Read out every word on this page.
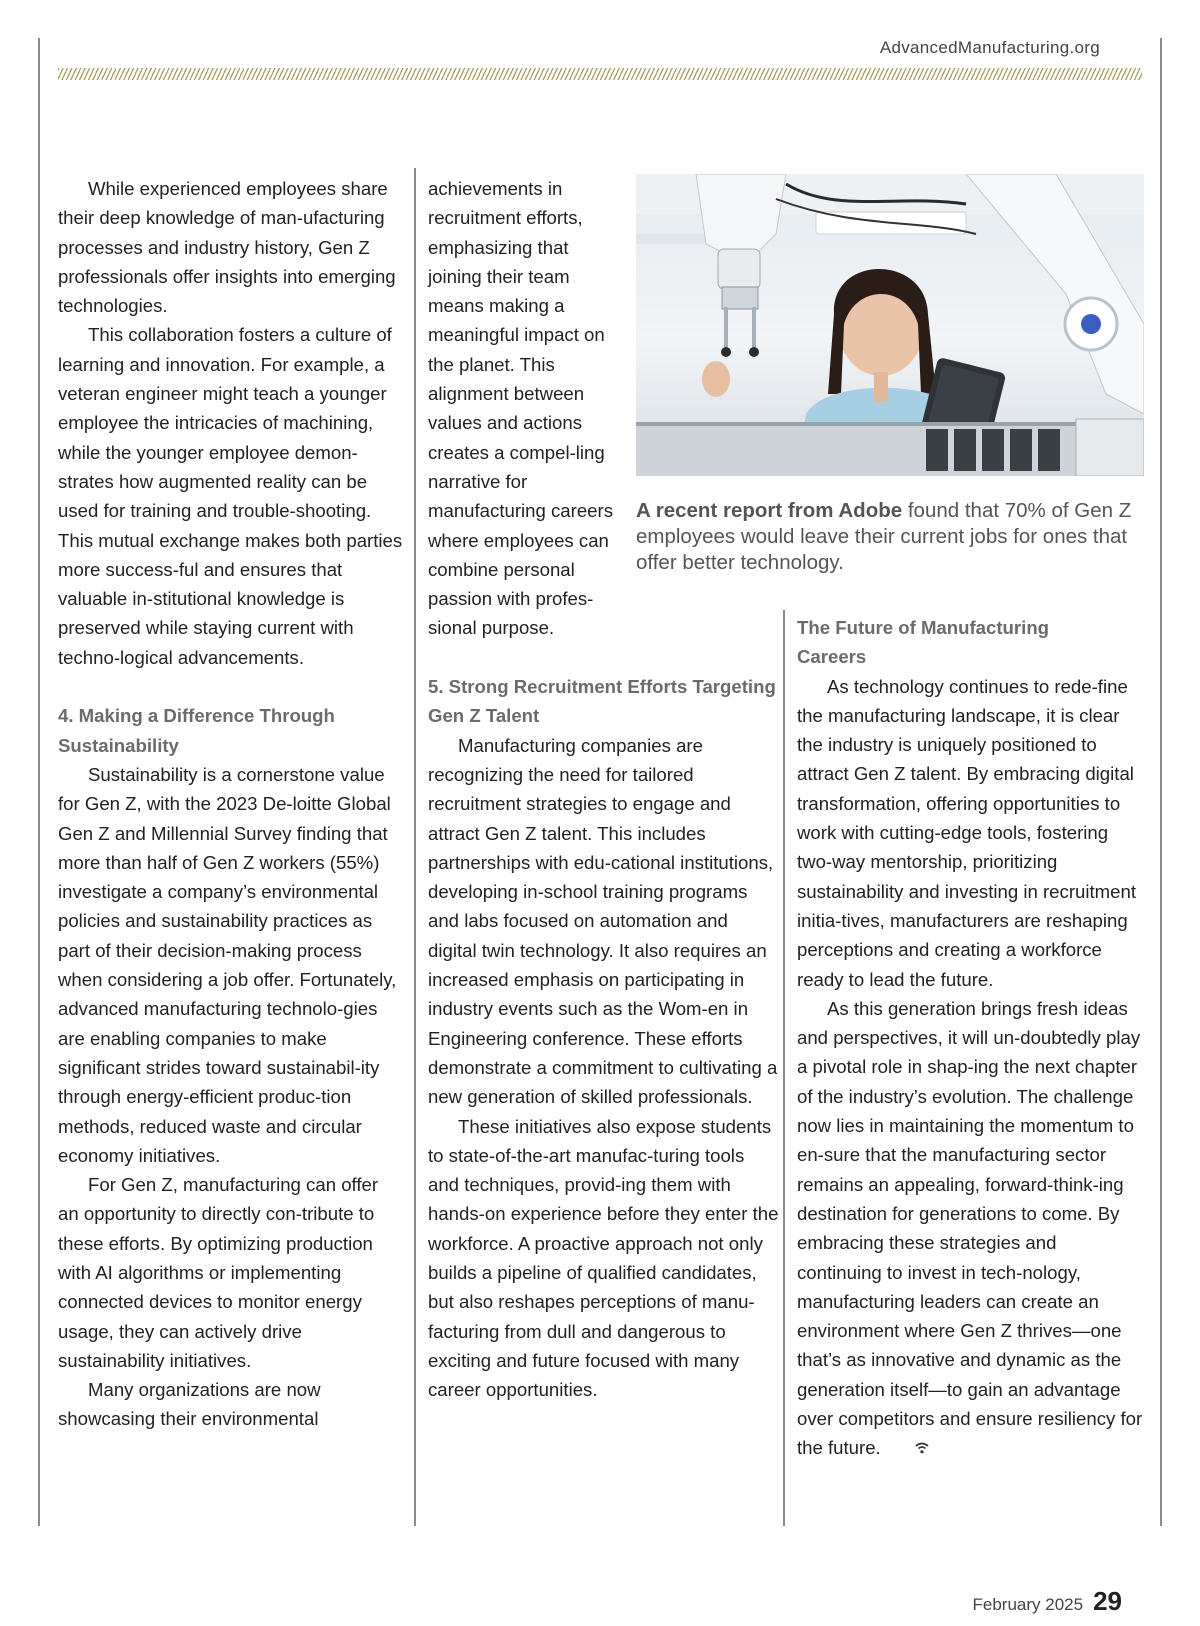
AdvancedManufacturing.org

While experienced employees share their deep knowledge of man-ufacturing processes and industry history, Gen Z professionals offer insights into emerging technologies.

This collaboration fosters a culture of learning and innovation. For example, a veteran engineer might teach a younger employee the intricacies of machining, while the younger employee demon-strates how augmented reality can be used for training and trouble-shooting. This mutual exchange makes both parties more success-ful and ensures that valuable in-stitutional knowledge is preserved while staying current with techno-logical advancements.

4. Making a Difference Through Sustainability

Sustainability is a cornerstone value for Gen Z, with the 2023 De-loitte Global Gen Z and Millennial Survey finding that more than half of Gen Z workers (55%) investigate a company’s environmental policies and sustainability practices as part of their decision-making process when considering a job offer. Fortunately, advanced manufacturing technolo-gies are enabling companies to make significant strides toward sustainabil-ity through energy-efficient produc-tion methods, reduced waste and circular economy initiatives.

For Gen Z, manufacturing can offer an opportunity to directly con-tribute to these efforts. By optimizing production with AI algorithms or implementing connected devices to monitor energy usage, they can actively drive sustainability initiatives.

Many organizations are now showcasing their environmental

achievements in recruitment efforts, emphasizing that joining their team means making a meaningful impact on the planet. This alignment between values and actions creates a compel-ling narrative for manufacturing careers where employees can combine personal passion with profes-sional purpose.

5. Strong Recruitment Efforts Targeting Gen Z Talent

Manufacturing companies are recognizing the need for tailored recruitment strategies to engage and attract Gen Z talent. This includes partnerships with edu-cational institutions, developing in-school training programs and labs focused on automation and digital twin technology. It also requires an increased emphasis on participating in industry events such as the Wom-en in Engineering conference. These efforts demonstrate a commitment to cultivating a new generation of skilled professionals.

These initiatives also expose students to state-of-the-art manufac-turing tools and techniques, provid-ing them with hands-on experience before they enter the workforce. A proactive approach not only builds a pipeline of qualified candidates, but also reshapes perceptions of manu-facturing from dull and dangerous to exciting and future focused with many career opportunities.

A recent report from Adobe found that 70% of Gen Z employees would leave their current jobs for ones that offer better technology.
The Future of Manufacturing Careers

As technology continues to rede-fine the manufacturing landscape, it is clear the industry is uniquely positioned to attract Gen Z talent. By embracing digital transformation, offering opportunities to work with cutting-edge tools, fostering two-way mentorship, prioritizing sustainability and investing in recruitment initia-tives, manufacturers are reshaping perceptions and creating a workforce ready to lead the future.

As this generation brings fresh ideas and perspectives, it will un-doubtedly play a pivotal role in shap-ing the next chapter of the industry’s evolution. The challenge now lies in maintaining the momentum to en-sure that the manufacturing sector remains an appealing, forward-think-ing destination for generations to come. By embracing these strategies and continuing to invest in tech-nology, manufacturing leaders can create an environment where Gen Z thrives—one that’s as innovative and dynamic as the generation itself—to gain an advantage over competitors and ensure resiliency for the future.

February 2025 29
